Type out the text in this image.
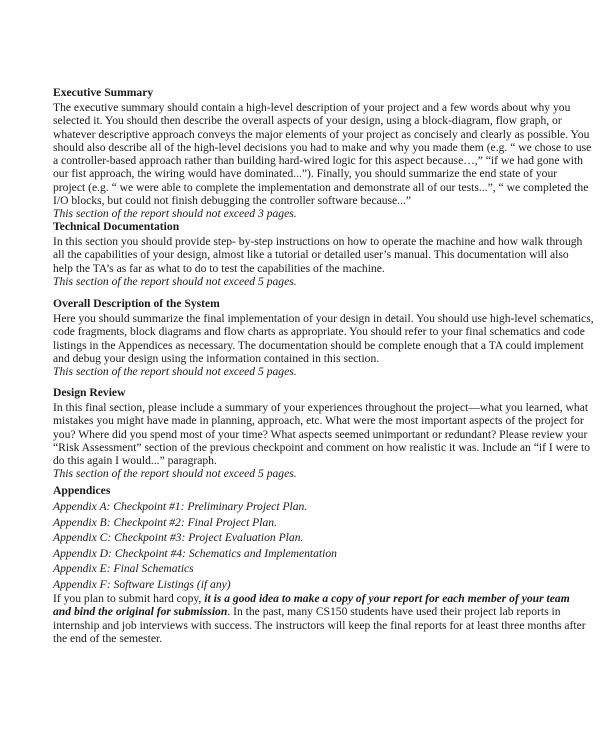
Executive Summary
The executive summary should contain a high-level description of your project and a few words about why you
selected it. You should then describe the overall aspects of your design, using a block-diagram, flow graph, or
whatever descriptive approach conveys the major elements of your project as concisely and clearly as possible. You
should also describe all of the high-level decisions you had to make and why you made them (e.g. “ we chose to use
a controller-based approach rather than building hard-wired logic for this aspect because…,” “if we had gone with
our fist approach, the wiring would have dominated...”). Finally, you should summarize the end state of your
project (e.g. “ we were able to complete the implementation and demonstrate all of our tests...”, “ we completed the
I/O blocks, but could not finish debugging the controller software because...”
This section of the report should not exceed 3 pages.
Technical Documentation
In this section you should provide step- by-step instructions on how to operate the machine and how walk through
all the capabilities of your design, almost like a tutorial or detailed user’s manual. This documentation will also
help the TA’s as far as what to do to test the capabilities of the machine.
This section of the report should not exceed 5 pages.
Overall Description of the System
Here you should summarize the final implementation of your design in detail. You should use high-level schematics,
code fragments, block diagrams and flow charts as appropriate. You should refer to your final schematics and code
listings in the Appendices as necessary. The documentation should be complete enough that a TA could implement
and debug your design using the information contained in this section.
This section of the report should not exceed 5 pages.
Design Review
In this final section, please include a summary of your experiences throughout the project—what you learned, what
mistakes you might have made in planning, approach, etc. What were the most important aspects of the project for
you? Where did you spend most of your time? What aspects seemed unimportant or redundant? Please review your
“Risk Assessment” section of the previous checkpoint and comment on how realistic it was. Include an “if I were to
do this again I would...” paragraph.
This section of the report should not exceed 5 pages.
Appendices
Appendix A: Checkpoint #1: Preliminary Project Plan.
Appendix B: Checkpoint #2: Final Project Plan.
Appendix C: Checkpoint #3: Project Evaluation Plan.
Appendix D: Checkpoint #4: Schematics and Implementation
Appendix E: Final Schematics
Appendix F: Software Listings (if any)
If you plan to submit hard copy, it is a good idea to make a copy of your report for each member of your team
and bind the original for submission. In the past, many CS150 students have used their project lab reports in
internship and job interviews with success. The instructors will keep the final reports for at least three months after
the end of the semester.
